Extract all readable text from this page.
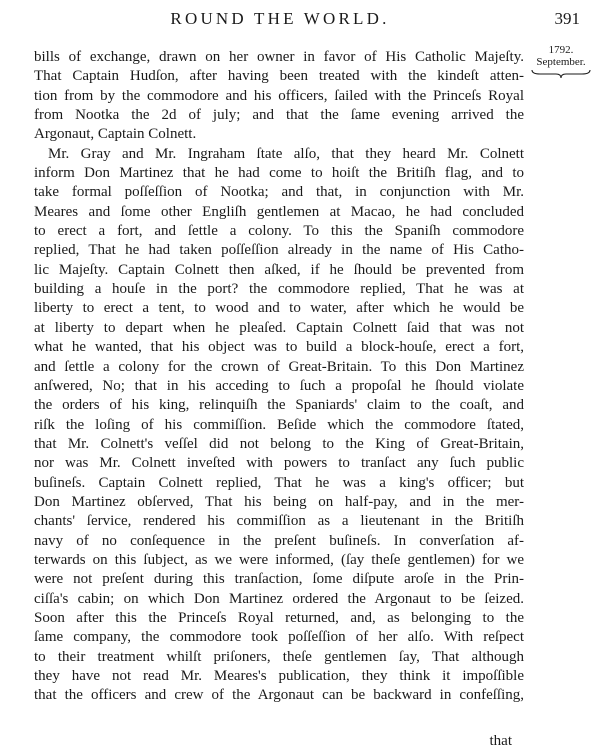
ROUND THE WORLD.	391
1792.
September.
bills of exchange, drawn on her owner in favor of His Catholic Majeſty.
That Captain Hudſon, after having been treated with the kindeſt atten-
tion from by the commodore and his officers, ſailed with the Princeſs Royal
from Nootka the 2d of july; and that the ſame evening arrived the
Argonaut, Captain Colnett.
Mr. Gray and Mr. Ingraham ſtate alſo, that they heard Mr. Colnett
inform Don Martinez that he had come to hoiſt the Britiſh flag, and to
take formal poſſeſſion of Nootka; and that, in conjunction with Mr.
Meares and ſome other Engliſh gentlemen at Macao, he had concluded
to erect a fort, and ſettle a colony. To this the Spaniſh commodore
replied, That he had taken poſſeſſion already in the name of His Catho-
lic Majeſty. Captain Colnett then aſked, if he ſhould be prevented from
building a houſe in the port? the commodore replied, That he was at
liberty to erect a tent, to wood and to water, after which he would be
at liberty to depart when he pleaſed. Captain Colnett ſaid that was not
what he wanted, that his object was to build a block-houſe, erect a fort,
and ſettle a colony for the crown of Great-Britain. To this Don Martinez
anſwered, No; that in his acceding to ſuch a propoſal he ſhould violate
the orders of his king, relinquiſh the Spaniards' claim to the coaſt, and
riſk the loſing of his commiſſion. Beſide which the commodore ſtated,
that Mr. Colnett's veſſel did not belong to the King of Great-Britain,
nor was Mr. Colnett inveſted with powers to tranſact any ſuch public
buſineſs. Captain Colnett replied, That he was a king's officer; but
Don Martinez obſerved, That his being on half-pay, and in the mer-
chants' ſervice, rendered his commiſſion as a lieutenant in the Britiſh
navy of no conſequence in the preſent buſineſs. In converſation af-
terwards on this ſubject, as we were informed, (ſay theſe gentlemen) for we
were not preſent during this tranſaction, ſome diſpute aroſe in the Prin-
ciſſa's cabin; on which Don Martinez ordered the Argonaut to be ſeized.
Soon after this the Princeſs Royal returned, and, as belonging to the
ſame company, the commodore took poſſeſſion of her alſo. With reſpect
to their treatment whilſt priſoners, theſe gentlemen ſay, That although
they have not read Mr. Meares's publication, they think it impoſſible
that the officers and crew of the Argonaut can be backward in confeſſing,
that
